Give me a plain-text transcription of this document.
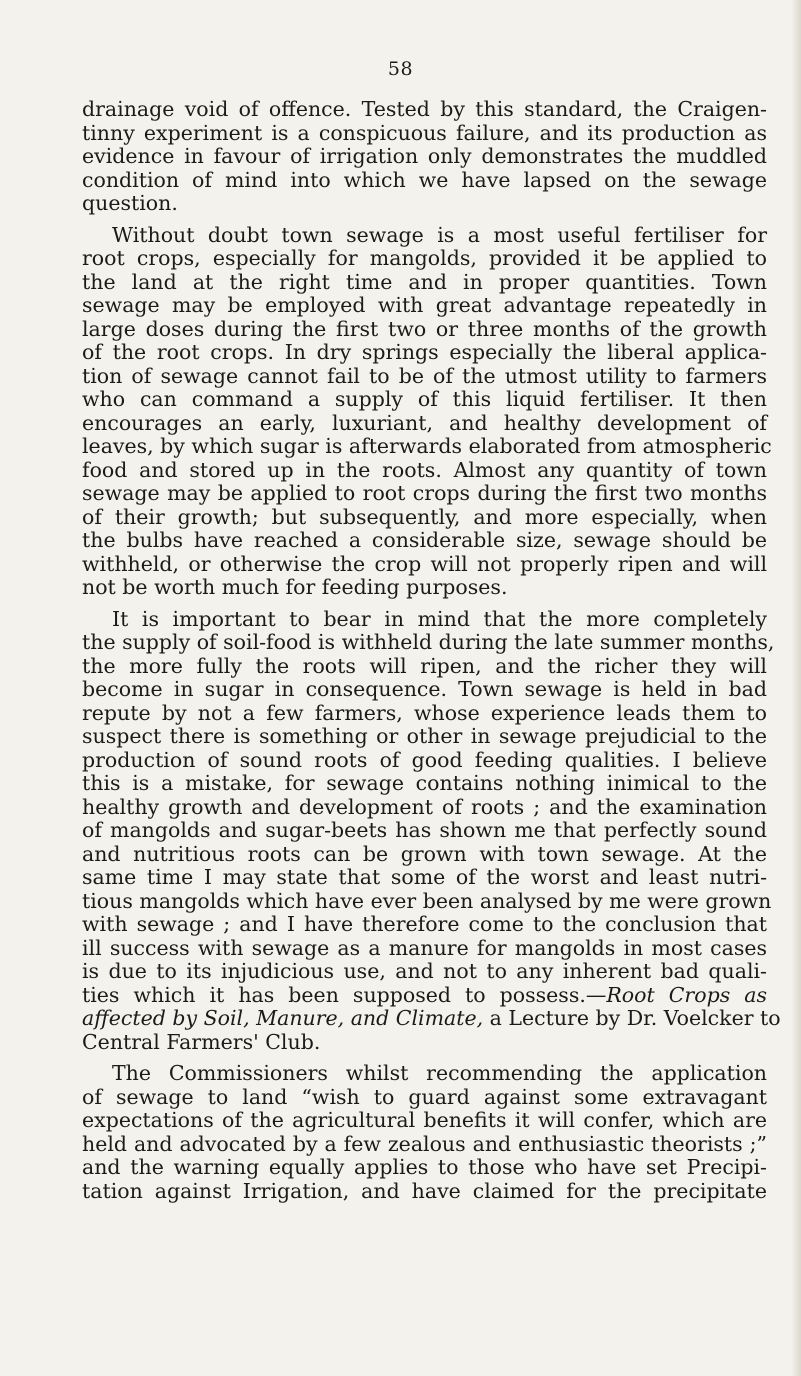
58

drainage void of offence. Tested by this standard, the Craigen-
tinny experiment is a conspicuous failure, and its production as
evidence in favour of irrigation only demonstrates the muddled
condition of mind into which we have lapsed on the sewage
question.

Without doubt town sewage is a most useful fertiliser for
root crops, especially for mangolds, provided it be applied to
the land at the right time and in proper quantities. Town
sewage may be employed with great advantage repeatedly in
large doses during the first two or three months of the growth
of the root crops. In dry springs especially the liberal applica-
tion of sewage cannot fail to be of the utmost utility to farmers
who can command a supply of this liquid fertiliser. It then
encourages an early, luxuriant, and healthy development of
leaves, by which sugar is afterwards elaborated from atmospheric
food and stored up in the roots. Almost any quantity of town
sewage may be applied to root crops during the first two months
of their growth; but subsequently, and more especially, when
the bulbs have reached a considerable size, sewage should be
withheld, or otherwise the crop will not properly ripen and will
not be worth much for feeding purposes.

It is important to bear in mind that the more completely
the supply of soil-food is withheld during the late summer months,
the more fully the roots will ripen, and the richer they will
become in sugar in consequence. Town sewage is held in bad
repute by not a few farmers, whose experience leads them to
suspect there is something or other in sewage prejudicial to the
production of sound roots of good feeding qualities. I believe
this is a mistake, for sewage contains nothing inimical to the
healthy growth and development of roots ; and the examination
of mangolds and sugar-beets has shown me that perfectly sound
and nutritious roots can be grown with town sewage. At the
same time I may state that some of the worst and least nutri-
tious mangolds which have ever been analysed by me were grown
with sewage ; and I have therefore come to the conclusion that
ill success with sewage as a manure for mangolds in most cases
is due to its injudicious use, and not to any inherent bad quali-
ties which it has been supposed to possess.—Root Crops as
affected by Soil, Manure, and Climate, a Lecture by Dr. Voelcker to
Central Farmers' Club.

The Commissioners whilst recommending the application
of sewage to land “wish to guard against some extravagant
expectations of the agricultural benefits it will confer, which are
held and advocated by a few zealous and enthusiastic theorists ;”
and the warning equally applies to those who have set Precipi-
tation against Irrigation, and have claimed for the precipitate
